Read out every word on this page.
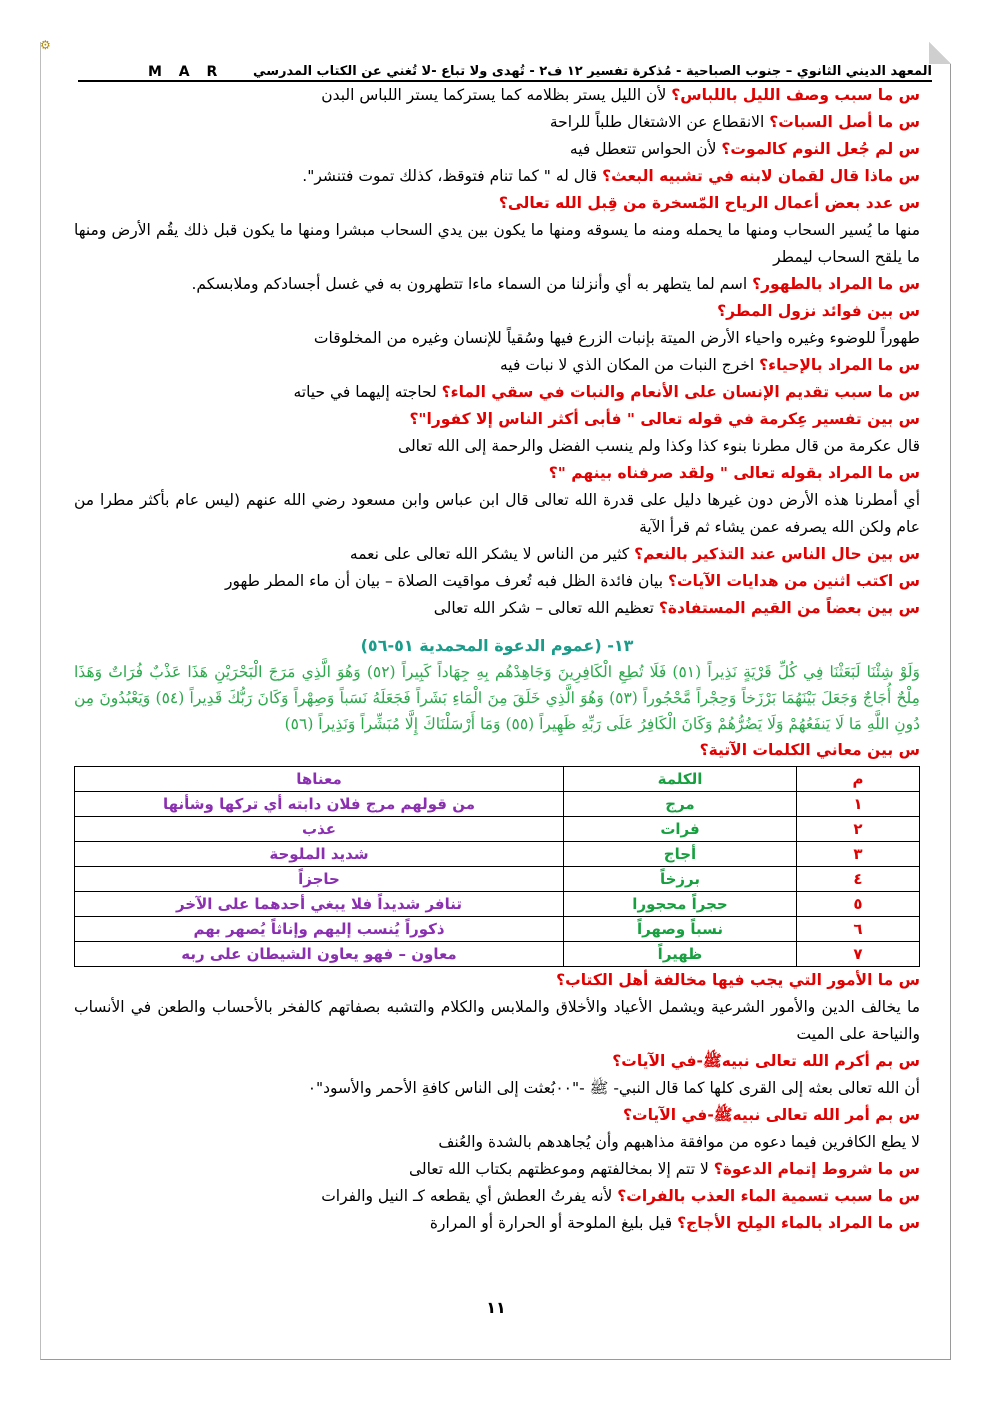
⚙
المعهد الديني الثانوي – جنوب الصباحية - مُذكرة تفسير ١٢ ف٢ - تُهدى ولا تباع -لا تُغني عن الكتاب المدرسي
M A R
س ما سبب وصف الليل باللباس؟ لأن الليل يستر بظلامه كما يستركما يستر اللباس البدن
س ما أصل السبات؟ الانقطاع عن الاشتغال طلباً للراحة
س لم جُعل النوم كالموت؟ لأن الحواس تتعطل فيه
س ماذا قال لقمان لابنه في تشبيه البعث؟ قال له " كما تنام فتوقظ، كذلك تموت فتنشر".
س عدد بعض أعمال الرياح المّسخرة من قِبل الله تعالى؟
منها ما يُسير السحاب ومنها ما يحمله ومنه ما يسوقه ومنها ما يكون بين يدي السحاب مبشرا ومنها ما يكون قبل ذلك يقُم الأرض ومنها ما يلقح السحاب ليمطر
س ما المراد بالطهور؟ اسم لما يتطهر به أي وأنزلنا من السماء ماءا تتطهرون به في غسل أجسادكم وملابسكم.
س بين فوائد نزول المطر؟
طهوراً للوضوء وغيره واحياء الأرض الميتة بإنبات الزرع فيها وسُقياً للإنسان وغيره من المخلوقات
س ما المراد بالإحياء؟ اخرج النبات من المكان الذي لا نبات فيه
س ما سبب تقديم الإنسان على الأنعام والنبات في سقي الماء؟ لحاجته إليهما في حياته
س بين تفسير عِكرمة في قوله تعالى " فأبى أكثر الناس إلا كفورا"؟
قال عكرمة من قال مطرنا بنوء كذا وكذا ولم ينسب الفضل والرحمة إلى الله تعالى
س ما المراد بقوله تعالى " ولقد صرفناه بينهم "؟
أي أمطرنا هذه الأرض دون غيرها دليل على قدرة الله تعالى قال ابن عباس وابن مسعود رضي الله عنهم (ليس عام بأكثر مطرا من عام ولكن الله يصرفه عمن يشاء ثم قرأ الآية
س بين حال الناس عند التذكير بالنعم؟ كثير من الناس لا يشكر الله تعالى على نعمه
س اكتب اثنين من هدايات الآيات؟ بيان فائدة الظل فبه تُعرف مواقيت الصلاة – بيان أن ماء المطر طهور
س بين بعضاً من القيم المستفادة؟ تعظيم الله تعالى – شكر الله تعالى
١٣- (عموم الدعوة المحمدية ٥١-٥٦)
وَلَوْ شِئْنَا لَبَعَثْنَا فِي كُلِّ قَرْيَةٍ نَذِيراً (٥١) فَلَا تُطِعِ الْكَافِرِينَ وَجَاهِدْهُم بِهِ جِهَاداً كَبِيراً (٥٢) وَهُوَ الَّذِي مَرَجَ الْبَحْرَيْنِ هَذَا عَذْبٌ فُرَاتٌ وَهَذَا مِلْحٌ أُجَاجٌ وَجَعَلَ بَيْنَهُمَا بَرْزَخاً وَحِجْراً مَّحْجُوراً (٥٣) وَهُوَ الَّذِي خَلَقَ مِنَ الْمَاءِ بَشَراً فَجَعَلَهُ نَسَباً وَصِهْراً وَكَانَ رَبُّكَ قَدِيراً (٥٤) وَيَعْبُدُونَ مِن دُونِ اللَّهِ مَا لَا يَنفَعُهُمْ وَلَا يَضُرُّهُمْ وَكَانَ الْكَافِرُ عَلَى رَبِّهِ ظَهِيراً (٥٥) وَمَا أَرْسَلْنَاكَ إِلَّا مُبَشِّراً وَنَذِيراً (٥٦)
س بين معاني الكلمات الآتية؟
م	الكلمة	معناها
١	مرج	من قولهم مرج فلان دابته أي تركها وشأنها
٢	فرات	عذب
٣	أجاج	شديد الملوحة
٤	برزخاً	حاجزاً
٥	حجراً محجورا	تنافر شديداً فلا يبغي أحدهما على الآخر
٦	نسباً وصهراً	ذكوراً يُنسب إليهم وإناثاً يُصهر بهم
٧	ظهيراً	معاون – فهو يعاون الشيطان على ربه
س ما الأمور التي يجب فيها مخالفة أهل الكتاب؟
ما يخالف الدين والأمور الشرعية ويشمل الأعياد والأخلاق والملابس والكلام والتشبه بصفاتهم كالفخر بالأحساب والطعن في الأنساب والنياحة على الميت
س بم أكرم الله تعالى نبيهﷺ-في الآيات؟
أن الله تعالى بعثه إلى القرى كلها كما قال النبي- ﷺ -"٠٠بُعثت إلى الناس كافةِ الأحمر والأسود"٠
س بم أمر الله تعالى نبيهﷺ-في الآيات؟
لا يطع الكافرين فيما دعوه من موافقة مذاهبهم وأن يُجاهدهم بالشدة والعُنف
س ما شروط إتمام الدعوة؟ لا تتم إلا بمخالفتهم وموعظتهم بكتاب الله تعالى
س ما سبب تسمية الماء العذب بالفرات؟ لأنه يفرتُ العطش أي يقطعه كـ النيل والفرات
س ما المراد بالماء المِلح الأجاج؟ قيل بليغ الملوحة أو الحرارة أو المرارة
١١
